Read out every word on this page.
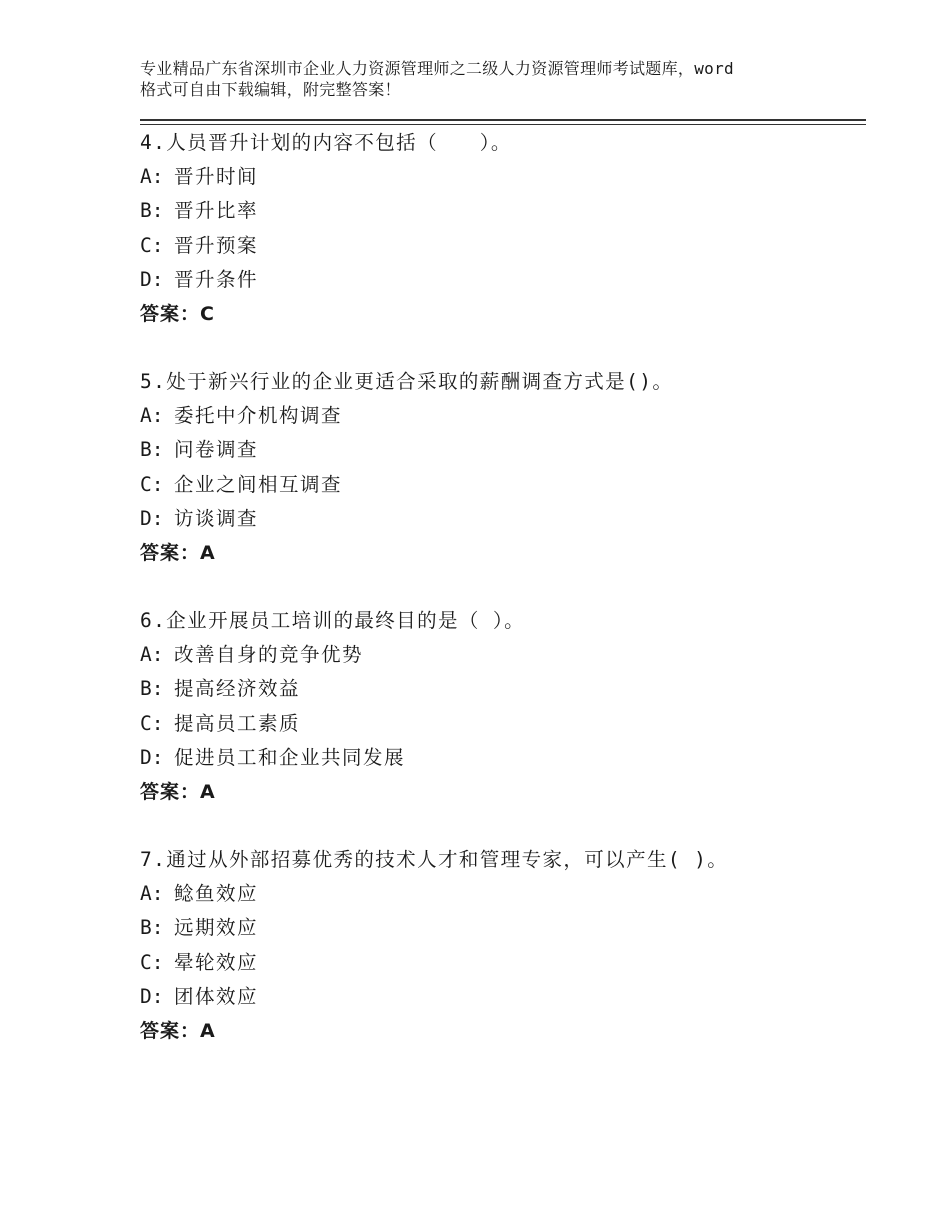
专业精品广东省深圳市企业人力资源管理师之二级人力资源管理师考试题库，word
格式可自由下载编辑，附完整答案！
4.人员晋升计划的内容不包括（　　）。
A: 晋升时间
B: 晋升比率
C: 晋升预案
D: 晋升条件
答案：C
5.处于新兴行业的企业更适合采取的薪酬调查方式是()。
A: 委托中介机构调查
B: 问卷调查
C: 企业之间相互调查
D: 访谈调查
答案：A
6.企业开展员工培训的最终目的是（ ）。
A: 改善自身的竞争优势
B: 提高经济效益
C: 提高员工素质
D: 促进员工和企业共同发展
答案：A
7.通过从外部招募优秀的技术人才和管理专家，可以产生( )。
A: 鲶鱼效应
B: 远期效应
C: 晕轮效应
D: 团体效应
答案：A
